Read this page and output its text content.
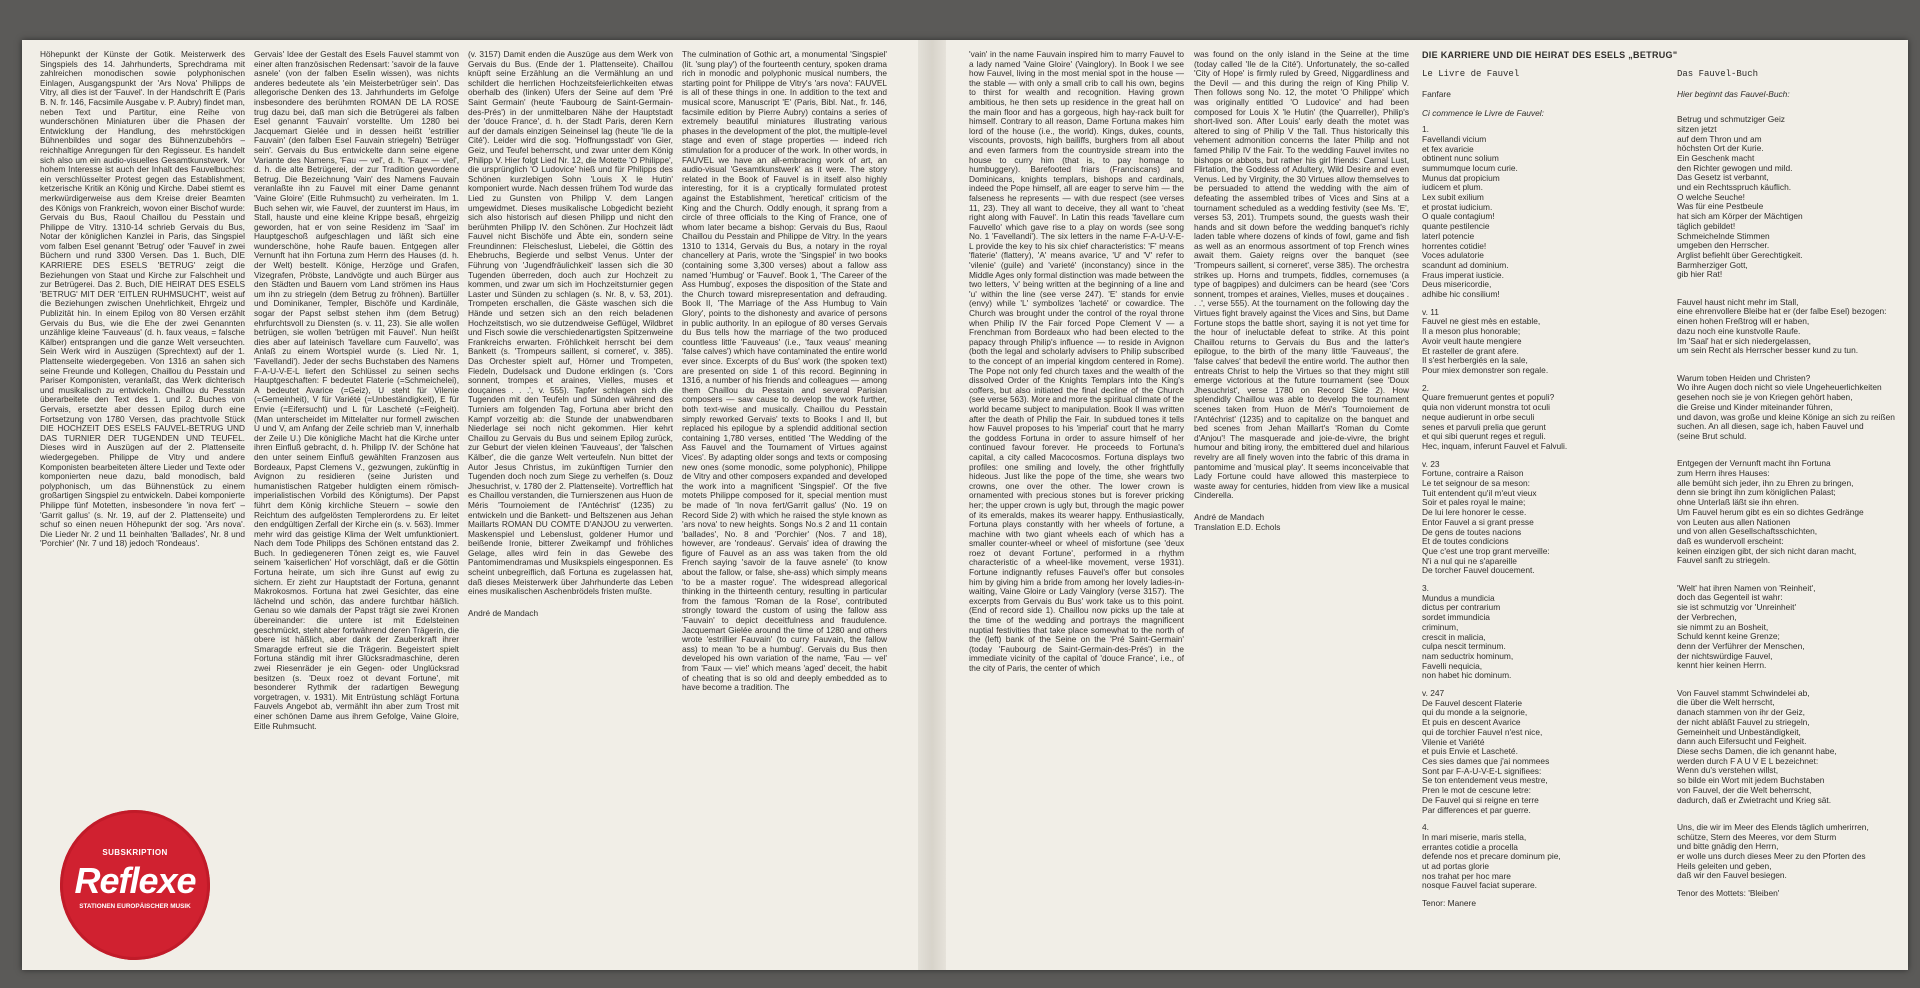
Höhepunkt der Künste der Gotik. Meisterwerk des Singspiels des 14. Jahrhunderts, Sprechdrama mit zahlreichen monodischen sowie polyphonischen Einlagen, Ausgangspunkt der 'Ars Nova' Philipps de Vitry, all dies ist der 'Fauvel'. In der Handschrift E (Paris B. N. fr. 146, Facsimile Ausgabe v. P. Aubry) findet man, neben Text und Partitur, eine Reihe von wunderschönen Miniaturen über die Phasen der Entwicklung der Handlung, des mehrstöckigen Bühnenbildes und sogar des Bühnenzubehörs – reichhaltige Anregungen für den Regisseur. Es handelt sich also um ein audio-visuelles Gesamtkunstwerk. Vor hohem Interesse ist auch der Inhalt des Fauvelbuches: ein verschlüsselter Protest gegen das Establishment, ketzerische Kritik an König und Kirche. Dabei stiemt es merkwürdigerweise aus dem Kreise dreier Beamten des Königs von Frankreich, wovon einer Bischof wurde: Gervais du Bus, Raoul Chaillou du Pesstain und Philippe de Vitry. 1310-14 schrieb Gervais du Bus, Notar der königlichen Kanzlei in Paris, das Singspiel vom falben Esel genannt 'Betrug' oder 'Fauvel' in zwei Büchern und rund 3300 Versen. Das 1. Buch, DIE KARRIERE DES ESELS 'BETRUG' zeigt die Beziehungen von Staat und Kirche zur Falschheit und zur Betrügerei. Das 2. Buch, DIE HEIRAT DES ESELS 'BETRUG' MIT DER 'EITLEN RUHMSUCHT', weist auf die Beziehungen zwischen Unehrlichkeit, Ehrgeiz und Publizität hin. In einem Epilog von 80 Versen erzählt Gervais du Bus, wie die Ehe der zwei Genannten unzählige kleine 'Fauveaus' (d. h. faux veaus, = falsche Kälber) entsprangen und die ganze Welt verseuchten. Sein Werk wird in Auszügen (Sprechtext) auf der 1. Plattenseite wiedergegeben. Von 1316 an sahen sich seine Freunde und Kollegen, Chaillou du Pesstain und Pariser Komponisten, veranlaßt, das Werk dichterisch und musikalisch zu entwickeln. Chaillou du Pesstain überarbeitete den Text des 1. und 2. Buches von Gervais, ersetzte aber dessen Epilog durch eine Fortsetzung von 1780 Versen, das prachtvolle Stück DIE HOCHZEIT DES ESELS FAUVEL-BETRUG UND DAS TURNIER DER TUGENDEN UND TEUFEL. Dieses wird in Auszügen auf der 2. Plattenseite wiedergegeben. Philippe de Vitry und andere Komponisten bearbeiteten ältere Lieder und Texte oder komponierten neue dazu, bald monodisch, bald polyphonisch, um das Bühnenstück zu einem großartigen Singspiel zu entwickeln. Dabei komponierte Philippe fünf Motetten, insbesondere 'in nova fert' – 'Garrit gallus' (s. Nr. 19, auf der 2. Plattenseite) und schuf so einen neuen Höhepunkt der sog. 'Ars nova'. Die Lieder Nr. 2 und 11 beinhalten 'Ballades', Nr. 8 und 'Porchier' (Nr. 7 und 18) jedoch 'Rondeaus'.

Gervais' Idee der Gestalt des Esels Fauvel stammt von einer alten französischen Redensart: 'savoir de la fauve asnele' (von der falben Eselin wissen), was nichts anderes bedeutete als 'ein Meisterbetrüger sein'. Das allegorische Denken des 13. Jahrhunderts im Gefolge insbesondere des berühmten ROMAN DE LA ROSE trug dazu bei, daß man sich die Betrügerei als falben Esel genannt 'Fauvain' vorstellte. Um 1280 bei Jacquemart Gielée und in dessen heißt 'estrillier Fauvain' (den falben Esel Fauvain striegeln) 'Betrüger sein'. Gervais du Bus entwickelte dann seine eigene Variante des Namens, 'Fau — vel', d. h. 'Faux — viel', d. h. die alte Betrügerei, der zur Tradition gewordene Betrug. Die Bezeichnung 'Vain' des Namens Fauvain veranlaßte ihn zu Fauvel mit einer Dame genannt 'Vaine Gloire' (Eitle Ruhmsucht) zu verheiraten. Im 1. Buch sehen wir, wie Fauvel, der zuunterst im Haus, im Stall, hauste und eine kleine Krippe besaß, ehrgeizig geworden, hat er von seine Residenz im 'Saal' im Hauptgeschoß aufgeschlagen und läßt sich eine wunderschöne, hohe Raufe bauen. Entgegen aller Vernunft hat ihn Fortuna zum Herrn des Hauses (d. h. der Welt) bestellt. Könige, Herzöge und Grafen, Vizegrafen, Pröbste, Landvögte und auch Bürger aus den Städten und Bauern vom Land strömen ins Haus um ihn zu striegeln (dem Betrug zu fröhnen). Bartüller und Dominikaner, Templer, Bischöfe und Kardinäle, sogar der Papst selbst stehen ihm (dem Betrug) ehrfurchtsvoll zu Diensten (s. v. 11, 23). Sie alle wollen betrügen, sie wollen 'betrügen mit Fauvel'. Nun heißt dies aber auf lateinisch 'favellare cum Fauvello', was Anlaß zu einem Wortspiel wurde (s. Lied Nr. 1, 'Favellandi'). Jeder der sechs Buchstaben des Namens F-A-U-V-E-L liefert den Schlüssel zu seinen sechs Hauptgeschaften: F bedeutet Flaterie (=Schmeichelei), A bedeutet Avarice (=Geiz), U steht für Vilenie (=Gemeinheit), V für Variété (=Unbeständigkeit), E für Envie (=Eifersucht) und L für Lascheté (=Feigheit). (Man unterscheidet im Mittelalter nur formell zwischen U und V, am Anfang der Zeile schrieb man V, innerhalb der Zeile U.) Die königliche Macht hat die Kirche unter ihren Einfluß gebracht, d. h. Philipp IV. der Schöne hat den unter seinem Einfluß gewählten Franzosen aus Bordeaux, Papst Clemens V., gezwungen, zukünftig in Avignon zu residieren (seine Juristen und humanistischen Ratgeber huldigten einem römisch-imperialistischen Vorbild des Königtums). Der Papst führt dem König kirchliche Steuern – sowie den Reichtum des aufgelösten Templerordens zu. Er leitet den endgültigen Zerfall der Kirche ein (s. v. 563). Immer mehr wird das geistige Klima der Welt umfunktioniert. Nach dem Tode Philipps des Schönen entstand das 2. Buch. In gediegeneren Tönen zeigt es, wie Fauvel seinem 'kaiserlichen' Hof vorschlägt, daß er die Göttin Fortuna heirate, um sich ihre Gunst auf ewig zu sichern. Er zieht zur Hauptstadt der Fortuna, genannt Makrokosmos. Fortuna hat zwei Gesichter, das eine lächelnd und schön, das andere furchtbar häßlich. Genau so wie damals der Papst trägt sie zwei Kronen übereinander: die untere ist mit Edelsteinen geschmückt, steht aber fortwährend deren Trägerin, die obere ist häßlich, aber dank der Zauberkraft ihrer Smaragde erfreut sie die Trägerin. Begeistert spielt Fortuna ständig mit ihrer Glücksradmaschine, deren zwei Riesenräder je ein Gegen- oder Unglücksrad besitzen (s. 'Deux roez ot devant Fortune', mit besonderer Rythmik der radartigen Bewegung vorgetragen, v. 1931). Mit Entrüstung schlägt Fortuna Fauvels Angebot ab, vermählt ihn aber zum Trost mit einer schönen Dame aus ihrem Gefolge, Vaine Gloire, Eitle Ruhmsucht.

(v. 3157) Damit enden die Auszüge aus dem Werk von Gervais du Bus. (Ende der 1. Plattenseite). Chaillou knüpft seine Erzählung an die Vermählung an und schildert die herrlichen Hochzeitsfeierlichkeiten etwas oberhalb des (linken) Ufers der Seine auf dem 'Pré Saint Germain' (heute 'Faubourg de Saint-Germain-des-Prés') in der unmittelbaren Nähe der Hauptstadt der 'douce France', d. h. der Stadt Paris, deren Kern auf der damals einzigen Seineinsel lag (heute 'Ile de la Cité'). Leider wird die sog. 'Hoffnungsstadt' von Gier, Geiz, und Teufel beherrscht, und zwar unter dem König Philipp V. Hier folgt Lied Nr. 12, die Motette 'O Philippe', die ursprünglich 'O Ludovice' hieß und für Philipps des Schönen kurzlebigen Sohn 'Louis X le Hutin' komponiert wurde. Nach dessen frühem Tod wurde das Lied zu Gunsten von Philipp V. dem Langen umgewidmet. Dieses musikalische Lobgedicht bezieht sich also historisch auf diesen Philipp und nicht den berühmten Philipp IV. den Schönen. Zur Hochzeit lädt Fauvel nicht Bischöfe und Äbte ein, sondern seine Freundinnen: Fleischeslust, Liebelei, die Göttin des Ehebruchs, Begierde und selbst Venus. Unter der Führung von 'Jugendfräulichkeit' lassen sich die 30 Tugenden überreden, doch auch zur Hochzeit zu kommen, und zwar um sich im Hochzeitsturnier gegen Laster und Sünden zu schlagen (s. Nr. 8, v. 53, 201). Trompeten erschallen, die Gäste waschen sich die Hände und setzen sich an den reich beladenen Hochzeitstisch, wo sie dutzendweise Geflügel, Wildbret und Fisch sowie die verschiedenartigsten Spitzenweine Frankreichs erwarten. Fröhlichkeit herrscht bei dem Bankett (s. 'Trompeurs saillent, si corneret', v. 385). Das Orchester spielt auf, Hörner und Trompeten, Fiedeln, Dudelsack und Dudone erklingen (s. 'Cors sonnent, trompes et araines, Vielles, muses et douçaines . . .', v. 555). Tapfer schlagen sich die Tugenden mit den Teufeln und Sünden während des Turniers am folgenden Tag, Fortuna aber bricht den Kampf vorzeitig ab: die Stunde der unabwendbaren Niederlage sei noch nicht gekommen. Hier kehrt Chaillou zu Gervais du Bus und seinem Epilog zurück, zur Geburt der vielen kleinen 'Fauveaus', der 'falschen Kälber', die die ganze Welt verteufeln. Nun bittet der Autor Jesus Christus, im zukünftigen Turnier den Tugenden doch noch zum Siege zu verhelfen (s. Douz Jhesuchrist, v. 1780 der 2. Plattenseite). Vortrefflich hat es Chaillou verstanden, die Turnierszenen aus Huon de Méris 'Tournoiement de l'Antéchrist' (1235) zu entwickeln und die Bankett- und Beltszenen aus Jehan Maillarts ROMAN DU COMTE D'ANJOU zu verwerten. Maskenspiel und Lebenslust, goldener Humor und beißende Ironie, bitterer Zweikampf und fröhliches Gelage, alles wird fein in das Gewebe des Pantomimendramas und Musikspiels eingesponnen. Es scheint unbegreiflich, daß Fortuna es zugelassen hat, daß dieses Meisterwerk über Jahrhunderte das Leben eines musikalischen Aschenbrödels fristen mußte.

André de Mandach

The culmination of Gothic art, a monumental 'Singspiel' (lit. 'sung play') of the fourteenth century, spoken drama rich in monodic and polyphonic musical numbers, the starting point for Philippe de Vitry's 'ars nova': FAUVEL is all of these things in one. In addition to the text and musical score, Manuscript 'E' (Paris, Bibl. Nat., fr. 146, facsimile edition by Pierre Aubry) contains a series of extremely beautiful miniatures illustrating various phases in the development of the plot, the multiple-level stage and even of stage properties — indeed rich stimulation for a producer of the work. In other words, in FAUVEL we have an all-embracing work of art, an audio-visual 'Gesamtkunstwerk' as it were. The story related in the Book of Fauvel is in itself also highly interesting, for it is a cryptically formulated protest against the Establishment, 'heretical' criticism of the King and the Church. Oddly enough, it sprang from a circle of three officials to the King of France, one of whom later became a bishop: Gervais du Bus, Raoul Chaillou du Pesstain and Philippe de Vitry. In the years 1310 to 1314, Gervais du Bus, a notary in the royal chancellery at Paris, wrote the 'Singspiel' in two books (containing some 3,300 verses) about a fallow ass named 'Humbug' or 'Fauvel'. Book 1, 'The Career of the Ass Humbug', exposes the disposition of the State and the Church toward misrepresentation and defrauding. Book II, 'The Marriage of the Ass Humbug to Vain Glory', points to the dishonesty and avarice of persons in public authority. In an epilogue of 80 verses Gervais du Bus tells how the marriage of the two produced countless little 'Fauveaus' (i.e., 'faux veaus' meaning 'false calves') which have contaminated the entire world ever since. Excerpts of du Bus' work (the spoken text) are presented on side 1 of this record. Beginning in 1316, a number of his friends and colleagues — among them Chaillou du Pesstain and several Parisian composers — saw cause to develop the work further, both text-wise and musically. Chaillou du Pesstain simply reworked Gervais' texts to Books I and II, but replaced his epilogue by a splendid additional section containing 1,780 verses, entitled 'The Wedding of the Ass Fauvel and the Tournament of Virtues against Vices'. By adapting older songs and texts or composing new ones (some monodic, some polyphonic), Philippe de Vitry and other composers expanded and developed the work into a magnificent 'Singspiel'. Of the five motets Philippe composed for it, special mention must be made of 'In nova fert/Garrit gallus' (No. 19 on Record Side 2) with which he raised the style known as 'ars nova' to new heights. Songs No.s 2 and 11 contain 'ballades', No. 8 and 'Porchier' (Nos. 7 and 18), however, are 'rondeaus'. Gervais' idea of drawing the figure of Fauvel as an ass was taken from the old French saying 'savoir de la fauve asnele' (to know about the fallow, or false, she-ass) which simply means 'to be a master rogue'. The widespread allegorical thinking in the thirteenth century, resulting in particular from the famous 'Roman de la Rose', contributed strongly toward the custom of using the fallow ass 'Fauvain' to depict deceitfulness and fraudulence. Jacquemart Gielée around the time of 1280 and others wrote 'estrillier Fauvain' (to curry Fauvain, the fallow ass) to mean 'to be a humbug'. Gervais du Bus then developed his own variation of the name, 'Fau — vel' from 'Faux — vie!' which means 'aged' deceit, the habit of cheating that is so old and deeply embedded as to have become a tradition. The

'vain' in the name Fauvain inspired him to marry Fauvel to a lady named 'Vaine Gloire' (Vainglory). In Book I we see how Fauvel, living in the most menial spot in the house — the stable — with only a small crib to call his own, begins to thirst for wealth and recognition. Having grown ambitious, he then sets up residence in the great hall on the main floor and has a gorgeous, high hay-rack built for himself. Contrary to all reason, Dame Fortuna makes him lord of the house (i.e., the world). Kings, dukes, counts, viscounts, provosts, high bailiffs, burghers from all about and even farmers from the countryside stream into the house to curry him (that is, to pay homage to humbuggery). Barefooted friars (Franciscans) and Dominicans, knights templars, bishops and cardinals, indeed the Pope himself, all are eager to serve him — the falseness he represents — with due respect (see verses 11, 23). They all want to deceive, they all want to 'cheat right along with Fauvel'. In Latin this reads 'favellare cum Fauvello' which gave rise to a play on words (see song No. 1 'Favellandi'). The six letters in the name F-A-U-V-E-L provide the key to his six chief characteristics: 'F' means 'flaterie' (flattery), 'A' means avarice, 'U' and 'V' refer to 'vilenie' (guile) and 'varieté' (inconstancy) since in the Middle Ages only formal distinction was made between the two letters, 'v' being written at the beginning of a line and 'u' within the line (see verse 247). 'E' stands for envie (envy) while 'L' symbolizes 'lacheté' or cowardice. The Church was brought under the control of the royal throne when Philip IV the Fair forced Pope Clement V — a Frenchman from Bordeaux who had been elected to the papacy through Philip's influence — to reside in Avignon (both the legal and scholarly advisers to Philip subscribed to the concept of an imperial kingdom centered in Rome). The Pope not only fed church taxes and the wealth of the dissolved Order of the Knights Templars into the King's coffers, but also initiated the final decline of the Church (see verse 563). More and more the spiritual climate of the world became subject to manipulation. Book II was written after the death of Philip the Fair. In subdued tones it tells how Fauvel proposes to his 'imperial' court that he marry the goddess Fortuna in order to assure himself of her continued favour forever. He proceeds to Fortuna's capital, a city called Macocosmos. Fortuna displays two profiles: one smiling and lovely, the other frightfully hideous. Just like the pope of the time, she wears two crowns, one over the other. The lower crown is ornamented with precious stones but is forever pricking her; the upper crown is ugly but, through the magic power of its emeralds, makes its wearer happy. Enthusiastically, Fortuna plays constantly with her wheels of fortune, a machine with two giant wheels each of which has a smaller counter-wheel or wheel of misfortune (see 'deux roez ot devant Fortune', performed in a rhythm characteristic of a wheel-like movement, verse 1931). Fortune indignantly refuses Fauvel's offer but consoles him by giving him a bride from among her lovely ladies-in-waiting, Vaine Gloire or Lady Vainglory (verse 3157). The excerpts from Gervais du Bus' work take us to this point. (End of record side 1). Chaillou now picks up the tale at the time of the wedding and portrays the magnificent nuptial festivities that take place somewhat to the north of the (left) bank of the Seine on the 'Pré Saint-Germain' (today 'Faubourg de Saint-Germain-des-Prés') in the immediate vicinity of the capital of 'douce France', i.e., of the city of Paris, the center of which

was found on the only island in the Seine at the time (today called 'Ile de la Cité'). Unfortunately, the so-called 'City of Hope' is firmly ruled by Greed, Niggardliness and the Devil — and this during the reign of King Philip V. Then follows song No. 12, the motet 'O Philippe' which was originally entitled 'O Ludovice' and had been composed for Louis X 'le Hutin' (the Quarreller), Philip's short-lived son. After Louis' early death the motet was altered to sing of Philip V the Tall. Thus historically this vehement admonition concerns the later Philip and not famed Philip IV the Fair. To the wedding Fauvel invites no bishops or abbots, but rather his girl friends: Carnal Lust, Flirtation, the Goddess of Adultery, Wild Desire and even Venus. Led by Virginity, the 30 Virtues allow themselves to be persuaded to attend the wedding with the aim of defeating the assembled tribes of Vices and Sins at a tournament scheduled as a wedding festivity (see Ms. 'E', verses 53, 201). Trumpets sound, the guests wash their hands and sit down before the wedding banquet's richly laden table where dozens of kinds of fowl, game and fish as well as an enormous assortment of top French wines await them. Gaiety reigns over the banquet (see 'Trompeurs saillent, si corneret', verse 385). The orchestra strikes up. Horns and trumpets, fiddles, cornemuses (a type of bagpipes) and dulcimers can be heard (see 'Cors sonnent, trompes et araines, Vielles, muses et douçaines . . .', verse 555). At the tournament on the following day the Virtues fight bravely against the Vices and Sins, but Dame Fortune stops the battle short, saying it is not yet time for the hour of ineluctable defeat to strike. At this point Chaillou returns to Gervais du Bus and the latter's epilogue, to the birth of the many little 'Fauveaus', the 'false calves' that bedevil the entire world. The author then entreats Christ to help the Virtues so that they might still emerge victorious at the future tournament (see 'Doux Jhesuchrist', verse 1780 on Record Side 2). How splendidly Chaillou was able to develop the tournament scenes taken from Huon de Méri's 'Tournoiement de l'Antéchrist' (1235) and to capitalize on the banquet and bed scenes from Jehan Maillart's 'Roman du Comte d'Anjou'! The masquerade and joie-de-vivre, the bright humour and biting irony, the embittered duel and hilarious revelry are all finely woven into the fabric of this drama in pantomime and 'musical play'. It seems inconceivable that Lady Fortune could have allowed this masterpiece to waste away for centuries, hidden from view like a musical Cinderella.

André de Mandach

Translation E.D. Echols

DIE KARRIERE UND DIE HEIRAT DES ESELS „BETRUG"
Le Livre de Fauvel
Fanfare
Ci commence le Livre de Fauvel:
1.
Favellandi vicium
et fex avaricie
obtinent nunc solium
summumque locum curie.
Munus dat propicium
iudicem et plum.
Lex subit exilium
et prostat iudicium.
O quale contagium!
quante pestilencie
laterl potencie
horrentes cotidie!
Voces adulatorie
scandunt ad dominium.
Fraus imperat iusticie.
Deus misericordie,
adhibe hic consilium!
v. 11
Fauvel ne giest mès en estable,
Il a meson plus honorable;
Avoir veult haute mengiere
Et rasteller de grant afere.
Il s'est herbergiés en la sale,
Pour miex demonstrer son regale.
2.
Quare fremuerunt gentes et populi?
quia non viderunt monstra tot oculi
neque audierunt in orbe seculi
senes et parvuli prelia que gerunt
et qui sibi querunt reges et reguli.
Hec, inquam, inferunt Fauvel et Falvuli.
v. 23
Fortune, contraire a Raison
Le tet seignour de sa meson:
Tuit entendent qu'il m'eut vieux
Soir et pales royal le maine;
De lui lere honorer le cesse.
Entor Fauvel a si grant presse
De gens de toutes nacions
Et de toutes condicions
Que c'est une trop grant merveille:
N'i a nul qui ne s'apareille
De torcher Fauvel doucement.
3.
Mundus a mundicia
dictus per contrarium
sordet immundicia
criminum,
crescit in malicia,
culpa nescit terminum.
nam seductrix hominum,
Favelli nequicia,
non habet hic dominum.
v. 247
De Fauvel descent Flaterie
qui du monde a la seignorie,
Et puis en descent Avarice
qui de torchier Fauvel n'est nice,
Vilenie et Variété
et puis Envie et Lascheté.
Ces sies dames que j'ai nommees
Sont par F-A-U-V-E-L signifiees:
Se ton entendement veus mestre,
Pren le mot de cescune letre:
De Fauvel qui si reigne en terre
Par differences et par guerre.
4.
In mari miserie, maris stella,
errantes cotidie a procella
defende nos et precare dominum pie,
ut ad portas glorie
nos trahat per hoc mare
nosque Fauvel faciat superare.
Tenor: Manere
Das Fauvel-Buch
Hier beginnt das Fauvel-Buch:

Betrug und schmutziger Geiz
sitzen jetzt
auf dem Thron und am
höchsten Ort der Kurie.
Ein Geschenk macht
den Richter gewogen und mild.
Das Gesetz ist verbannt,
und ein Rechtsspruch käuflich.
O welche Seuche!
Was für eine Pestbeule
hat sich am Körper der Mächtigen
täglich gebildet!
Schmeichelnde Stimmen
umgeben den Herrscher.
Arglist befiehlt über Gerechtigkeit.
Barmherziger Gott,
gib hier Rat!

Fauvel haust nicht mehr im Stall,
eine ehrenvollere Bleibe hat er (der falbe Esel) bezogen:
einen hohen Freßtrog will er haben,
dazu noch eine kunstvolle Raufe.
Im 'Saal' hat er sich niedergelassen,
um sein Recht als Herrscher besser kund zu tun.

Warum toben Heiden und Christen?
Wo ihre Augen doch nicht so viele Ungeheuerlichkeiten
gesehen noch sie je von Kriegen gehört haben,
die Greise und Kinder miteinander führen,
und davon, was große und kleine Könige an sich zu reißen suchen. An all diesen, sage ich, haben Fauvel und
(seine Brut schuld.

Entgegen der Vernunft macht ihn Fortuna
zum Herrn ihres Hauses:
alle bemüht sich jeder, ihn zu Ehren zu bringen,
denn sie bringt ihn zum königlichen Palast;
ohne Unterlaß läßt sie ihn ehren.
Um Fauvel herum gibt es ein so dichtes Gedränge
von Leuten aus allen Nationen
und von allen Gesellschaftsschichten,
daß es wundervoll erscheint:
keinen einzigen gibt, der sich nicht daran macht,
Fauvel sanft zu striegeln.

'Welt' hat ihren Namen von 'Reinheit',
doch das Gegenteil ist wahr:
sie ist schmutzig vor 'Unreinheit'
der Verbrechen,
sie nimmt zu an Bosheit,
Schuld kennt keine Grenze;
denn der Verführer der Menschen,
der nichtswürdige Fauvel,
kennt hier keinen Herrn.

Von Fauvel stammt Schwindelei ab,
die über die Welt herrscht,
danach stammen von ihr der Geiz,
der nicht abläßt Fauvel zu striegeln,
Gemeinheit und Unbeständigkeit,
dann auch Eifersucht und Feigheit.
Diese sechs Damen, die ich genannt habe,
werden durch F A U V E L bezeichnet:
Wenn du's verstehen willst,
so bilde ein Wort mit jedem Buchstaben
von Fauvel, der die Welt beherrscht,
dadurch, daß er Zwietracht und Krieg sät.

Uns, die wir im Meer des Elends täglich umherirren,
schütze, Stern des Meeres, vor dem Sturm
und bitte gnädig den Herrn,
er wolle uns durch dieses Meer zu den Pforten des
Heils geleiten und geben,
daß wir den Fauvel besiegen.
Tenor des Mottets: 'Bleiben'
SUBSKRIPTION
Reflexe
STATIONEN EUROPÄISCHER MUSIK
